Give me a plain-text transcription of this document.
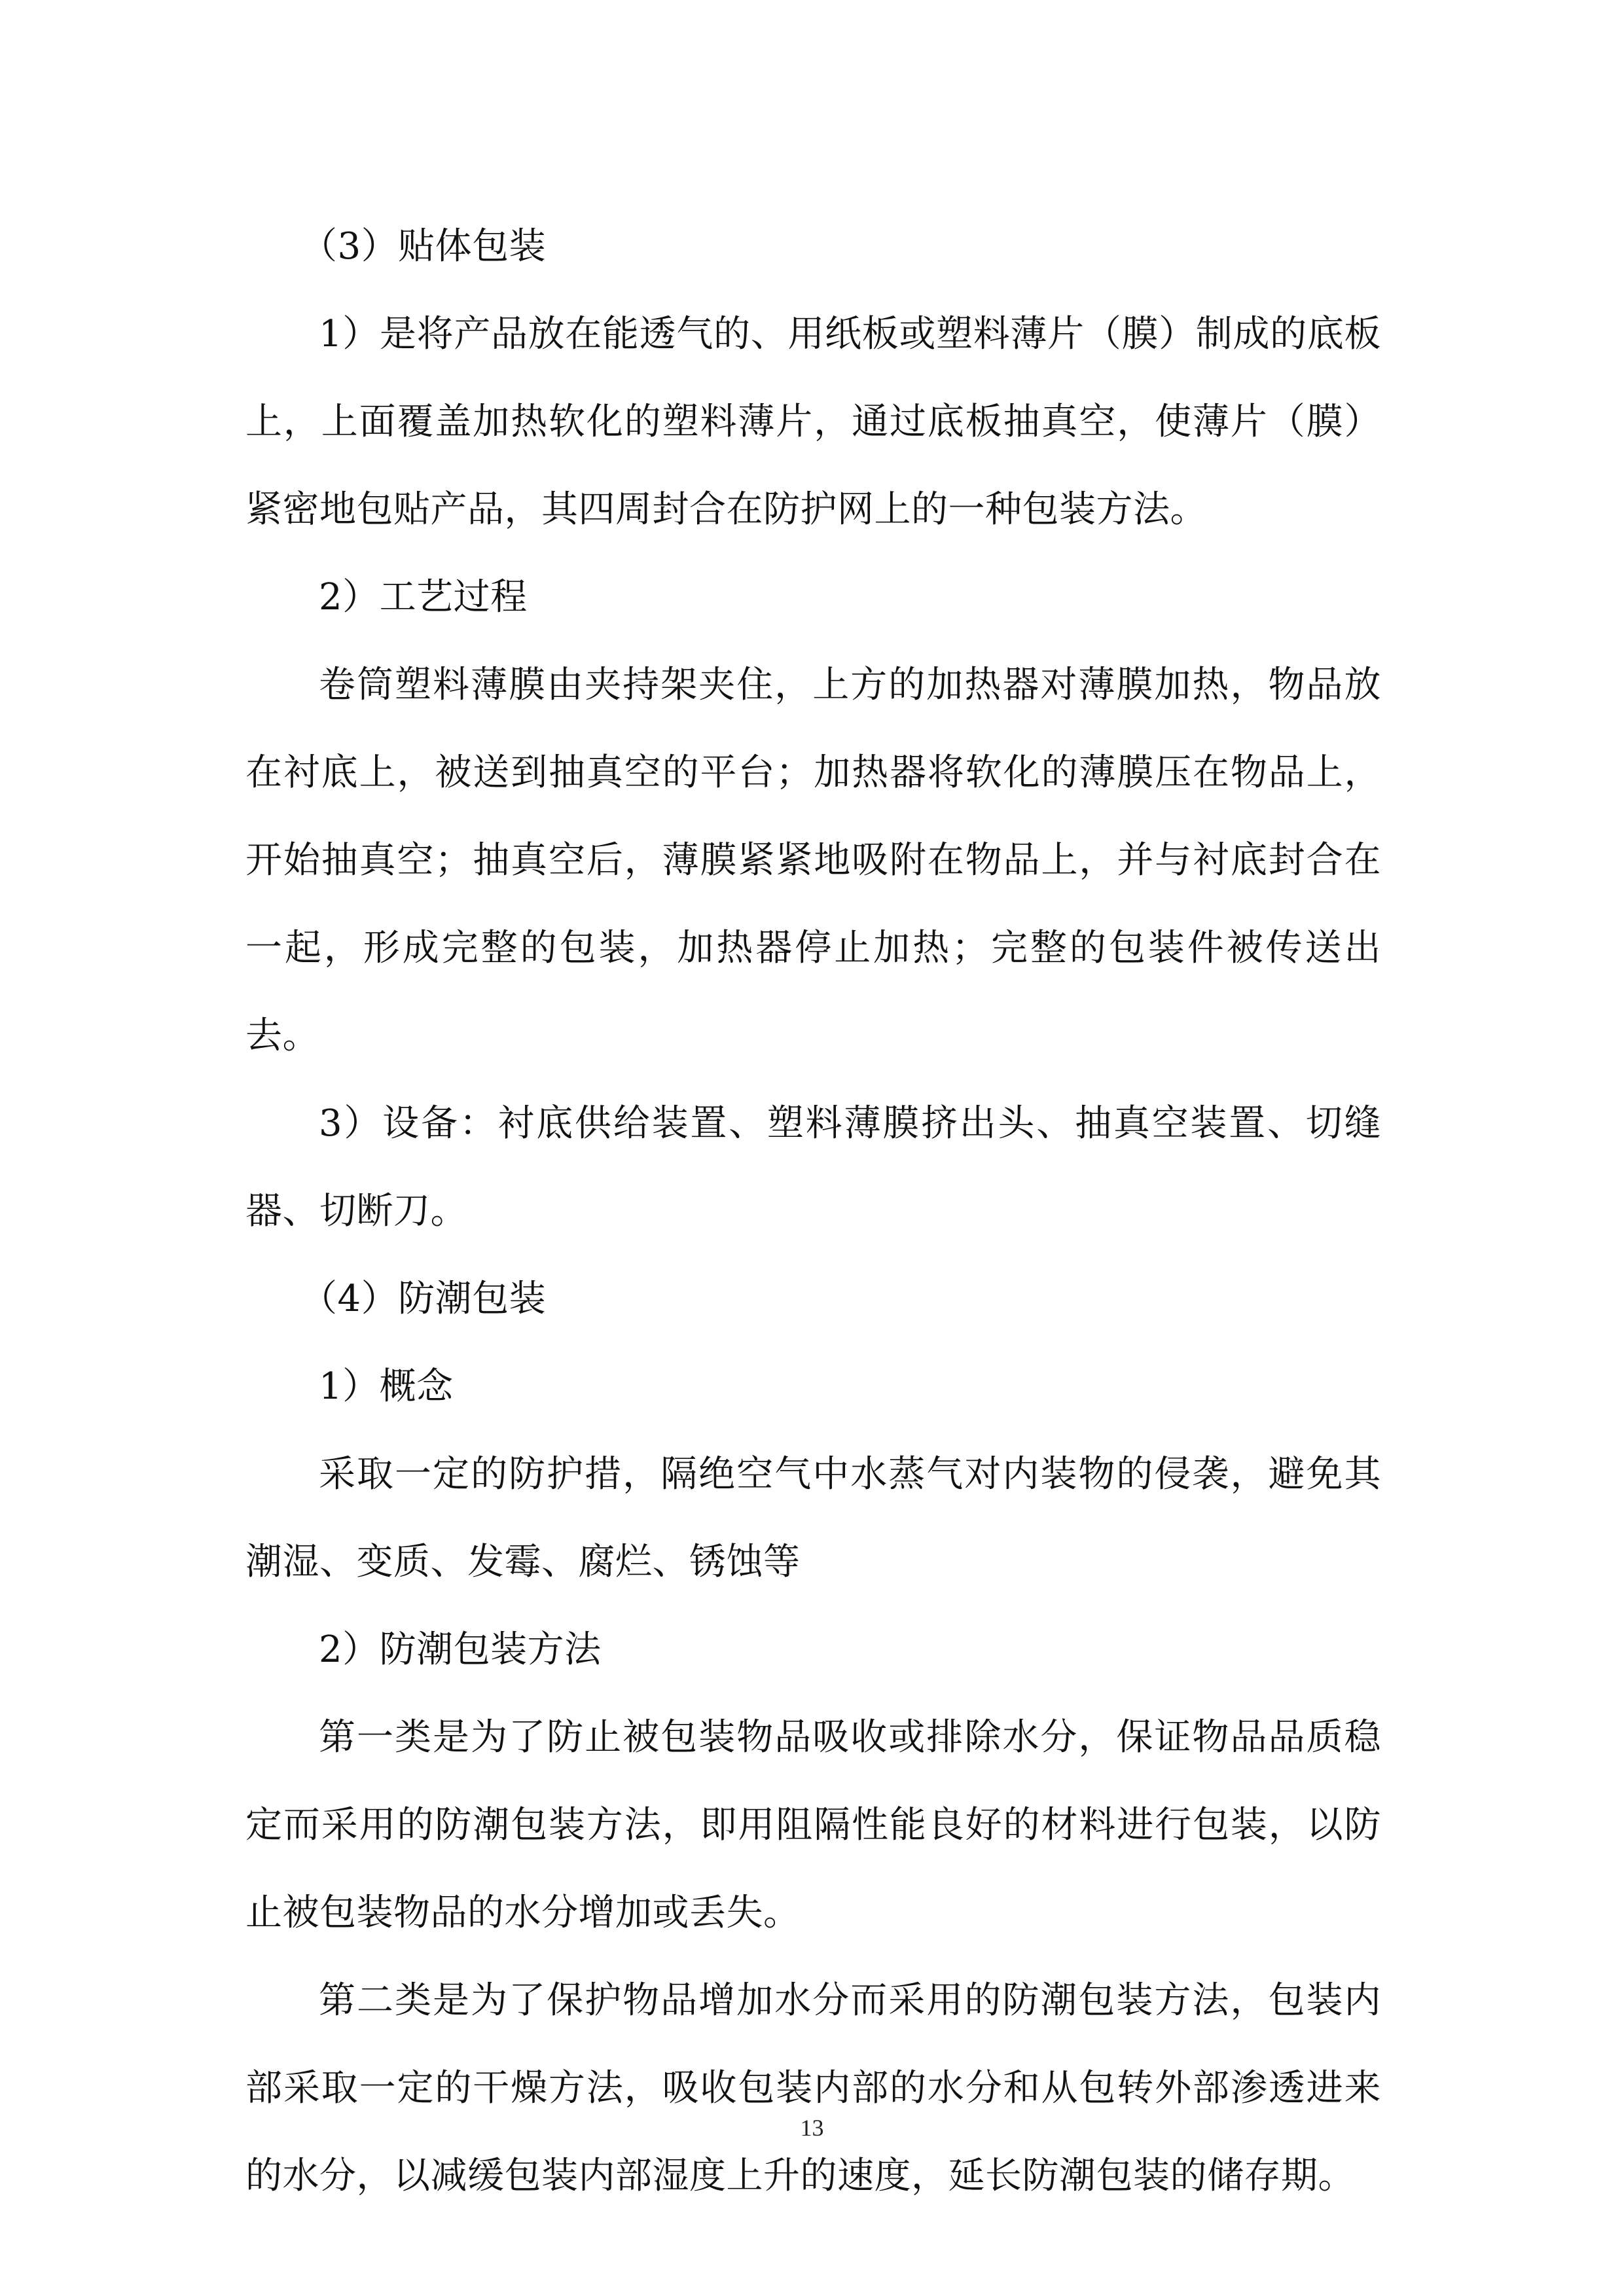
（3）贴体包装

1）是将产品放在能透气的、用纸板或塑料薄片（膜）制成的底板上，上面覆盖加热软化的塑料薄片，通过底板抽真空，使薄片（膜）紧密地包贴产品，其四周封合在防护网上的一种包装方法。

2）工艺过程

卷筒塑料薄膜由夹持架夹住，上方的加热器对薄膜加热，物品放在衬底上，被送到抽真空的平台；加热器将软化的薄膜压在物品上，开始抽真空；抽真空后，薄膜紧紧地吸附在物品上，并与衬底封合在一起，形成完整的包装，加热器停止加热；完整的包装件被传送出去。

3）设备：衬底供给装置、塑料薄膜挤出头、抽真空装置、切缝器、切断刀。

（4）防潮包装

1）概念

采取一定的防护措，隔绝空气中水蒸气对内装物的侵袭，避免其潮湿、变质、发霉、腐烂、锈蚀等

2）防潮包装方法

第一类是为了防止被包装物品吸收或排除水分，保证物品品质稳定而采用的防潮包装方法，即用阻隔性能良好的材料进行包装，以防止被包装物品的水分增加或丢失。

第二类是为了保护物品增加水分而采用的防潮包装方法，包装内部采取一定的干燥方法，吸收包装内部的水分和从包转外部渗透进来的水分，以减缓包装内部湿度上升的速度，延长防潮包装的储存期。

13
